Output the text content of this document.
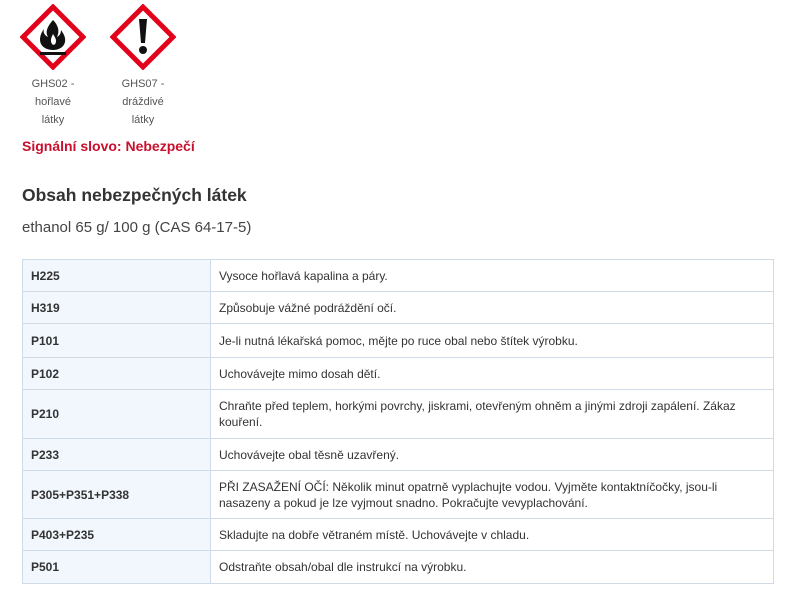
GHS02 -
hořlavé
látky
GHS07 -
dráždivé
látky
Signální slovo: Nebezpečí
Obsah nebezpečných látek
ethanol 65 g/ 100 g (CAS 64-17-5)
H225	Vysoce hořlavá kapalina a páry.
H319	Způsobuje vážné podráždění očí.
P101	Je-li nutná lékařská pomoc, mějte po ruce obal nebo štítek výrobku.
P102	Uchovávejte mimo dosah dětí.
P210	Chraňte před teplem, horkými povrchy, jiskrami, otevřeným ohněm a jinými zdroji zapálení. Zákaz kouření.
P233	Uchovávejte obal těsně uzavřený.
P305+P351+P338	PŘI ZASAŽENÍ OČÍ: Několik minut opatrně vyplachujte vodou. Vyjměte kontaktníčočky, jsou-li nasazeny a pokud je lze vyjmout snadno. Pokračujte vevyplachování.
P403+P235	Skladujte na dobře větraném místě. Uchovávejte v chladu.
P501	Odstraňte obsah/obal dle instrukcí na výrobku.
